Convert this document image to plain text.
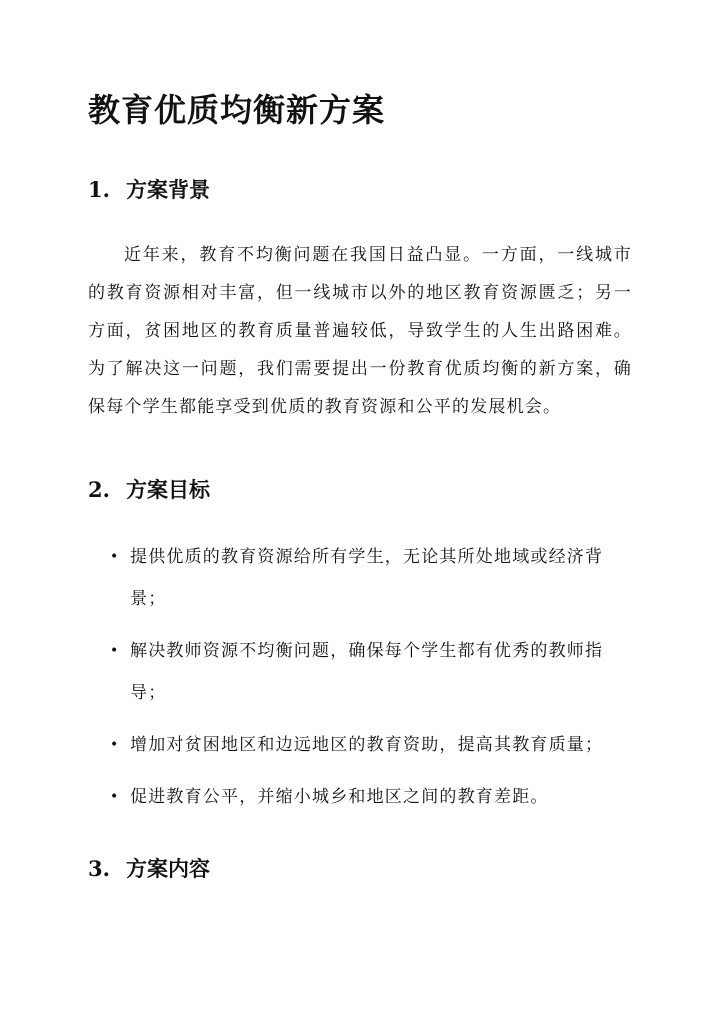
教育优质均衡新方案
1. 方案背景

近年来，教育不均衡问题在我国日益凸显。一方面，一线城市的教育资源相对丰富，但一线城市以外的地区教育资源匮乏；另一方面，贫困地区的教育质量普遍较低，导致学生的人生出路困难。为了解决这一问题，我们需要提出一份教育优质均衡的新方案，确保每个学生都能享受到优质的教育资源和公平的发展机会。

2. 方案目标
• 提供优质的教育资源给所有学生，无论其所处地域或经济背景；
• 解决教师资源不均衡问题，确保每个学生都有优秀的教师指导；
• 增加对贫困地区和边远地区的教育资助，提高其教育质量；
• 促进教育公平，并缩小城乡和地区之间的教育差距。
3. 方案内容
